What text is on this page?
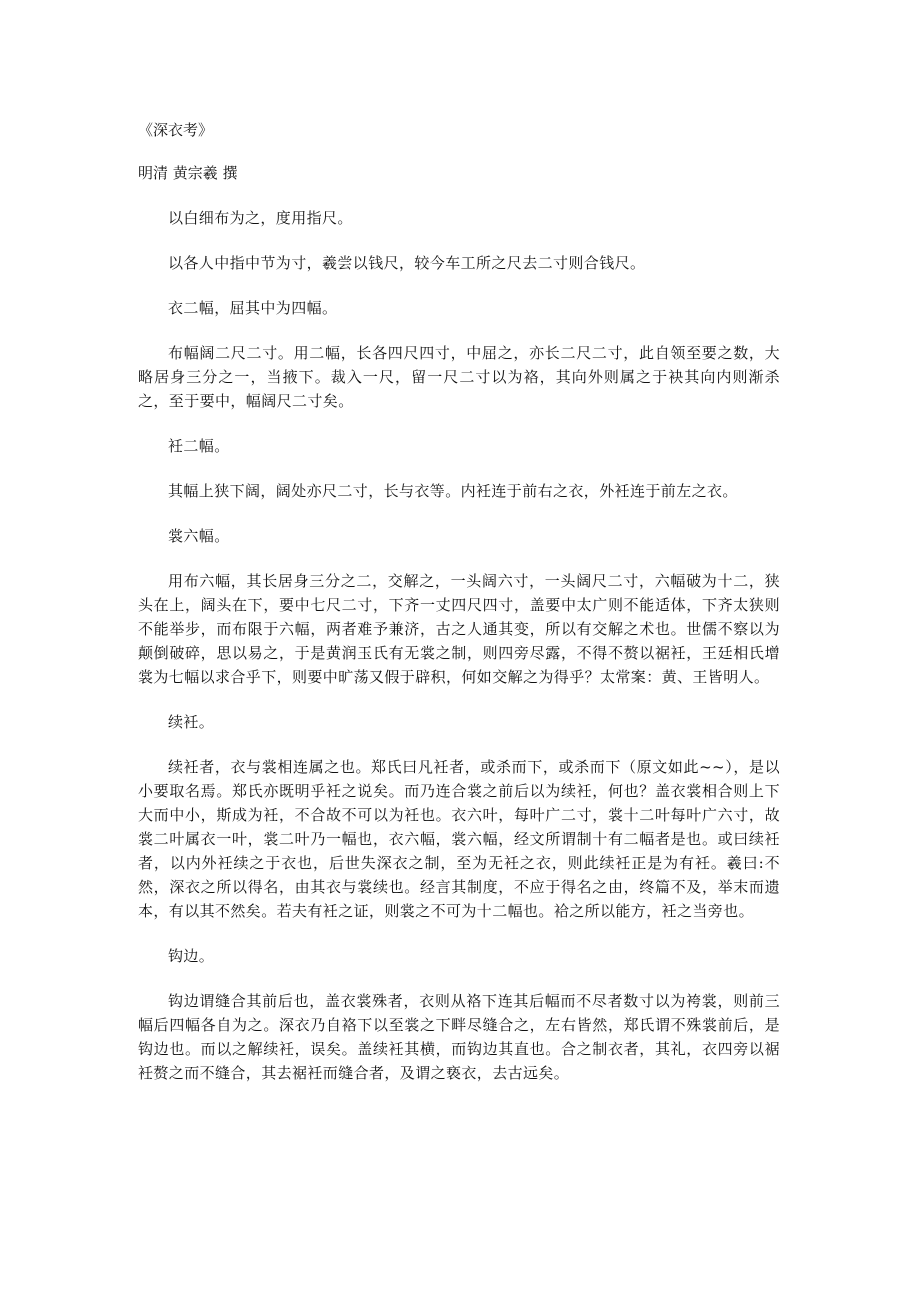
《深衣考》
明清 黄宗羲 撰

以白细布为之，度用指尺。

以各人中指中节为寸，羲尝以钱尺，较今车工所之尺去二寸则合钱尺。

衣二幅，屈其中为四幅。

布幅阔二尺二寸。用二幅，长各四尺四寸，中屈之，亦长二尺二寸，此自领至要之数，大略居身三分之一，当掖下。裁入一尺，留一尺二寸以为袼，其向外则属之于袂其向内则渐杀之，至于要中，幅阔尺二寸矣。

衽二幅。

其幅上狭下阔，阔处亦尺二寸，长与衣等。内衽连于前右之衣，外衽连于前左之衣。

裳六幅。

用布六幅，其长居身三分之二，交解之，一头阔六寸，一头阔尺二寸，六幅破为十二，狭头在上，阔头在下，要中七尺二寸，下齐一丈四尺四寸，盖要中太广则不能适体，下齐太狭则不能举步，而布限于六幅，两者难予兼济，古之人通其变，所以有交解之术也。世儒不察以为颠倒破碎，思以易之，于是黄润玉氏有无裳之制，则四旁尽露，不得不赘以裾衽，王廷相氏增裳为七幅以求合乎下，则要中旷荡又假于辟积，何如交解之为得乎？太常案：黄、王皆明人。

续衽。

续衽者，衣与裳相连属之也。郑氏曰凡衽者，或杀而下，或杀而下（原文如此~~），是以小要取名焉。郑氏亦既明乎衽之说矣。而乃连合裳之前后以为续衽，何也？盖衣裳相合则上下大而中小，斯成为衽，不合故不可以为衽也。衣六叶，每叶广二寸，裳十二叶每叶广六寸，故裳二叶属衣一叶，裳二叶乃一幅也，衣六幅，裳六幅，经文所谓制十有二幅者是也。或曰续衽者，以内外衽续之于衣也，后世失深衣之制，至为无衽之衣，则此续衽正是为有衽。羲曰:不然，深衣之所以得名，由其衣与裳续也。经言其制度，不应于得名之由，终篇不及，举末而遗本，有以其不然矣。若夫有衽之证，则裳之不可为十二幅也。袷之所以能方，衽之当旁也。

钩边。

钩边谓缝合其前后也，盖衣裳殊者，衣则从袼下连其后幅而不尽者数寸以为袴裳，则前三幅后四幅各自为之。深衣乃自袼下以至裳之下畔尽缝合之，左右皆然，郑氏谓不殊裳前后，是钩边也。而以之解续衽，误矣。盖续衽其横，而钩边其直也。合之制衣者，其礼，衣四旁以裾衽赘之而不缝合，其去裾衽而缝合者，及谓之亵衣，去古远矣。
